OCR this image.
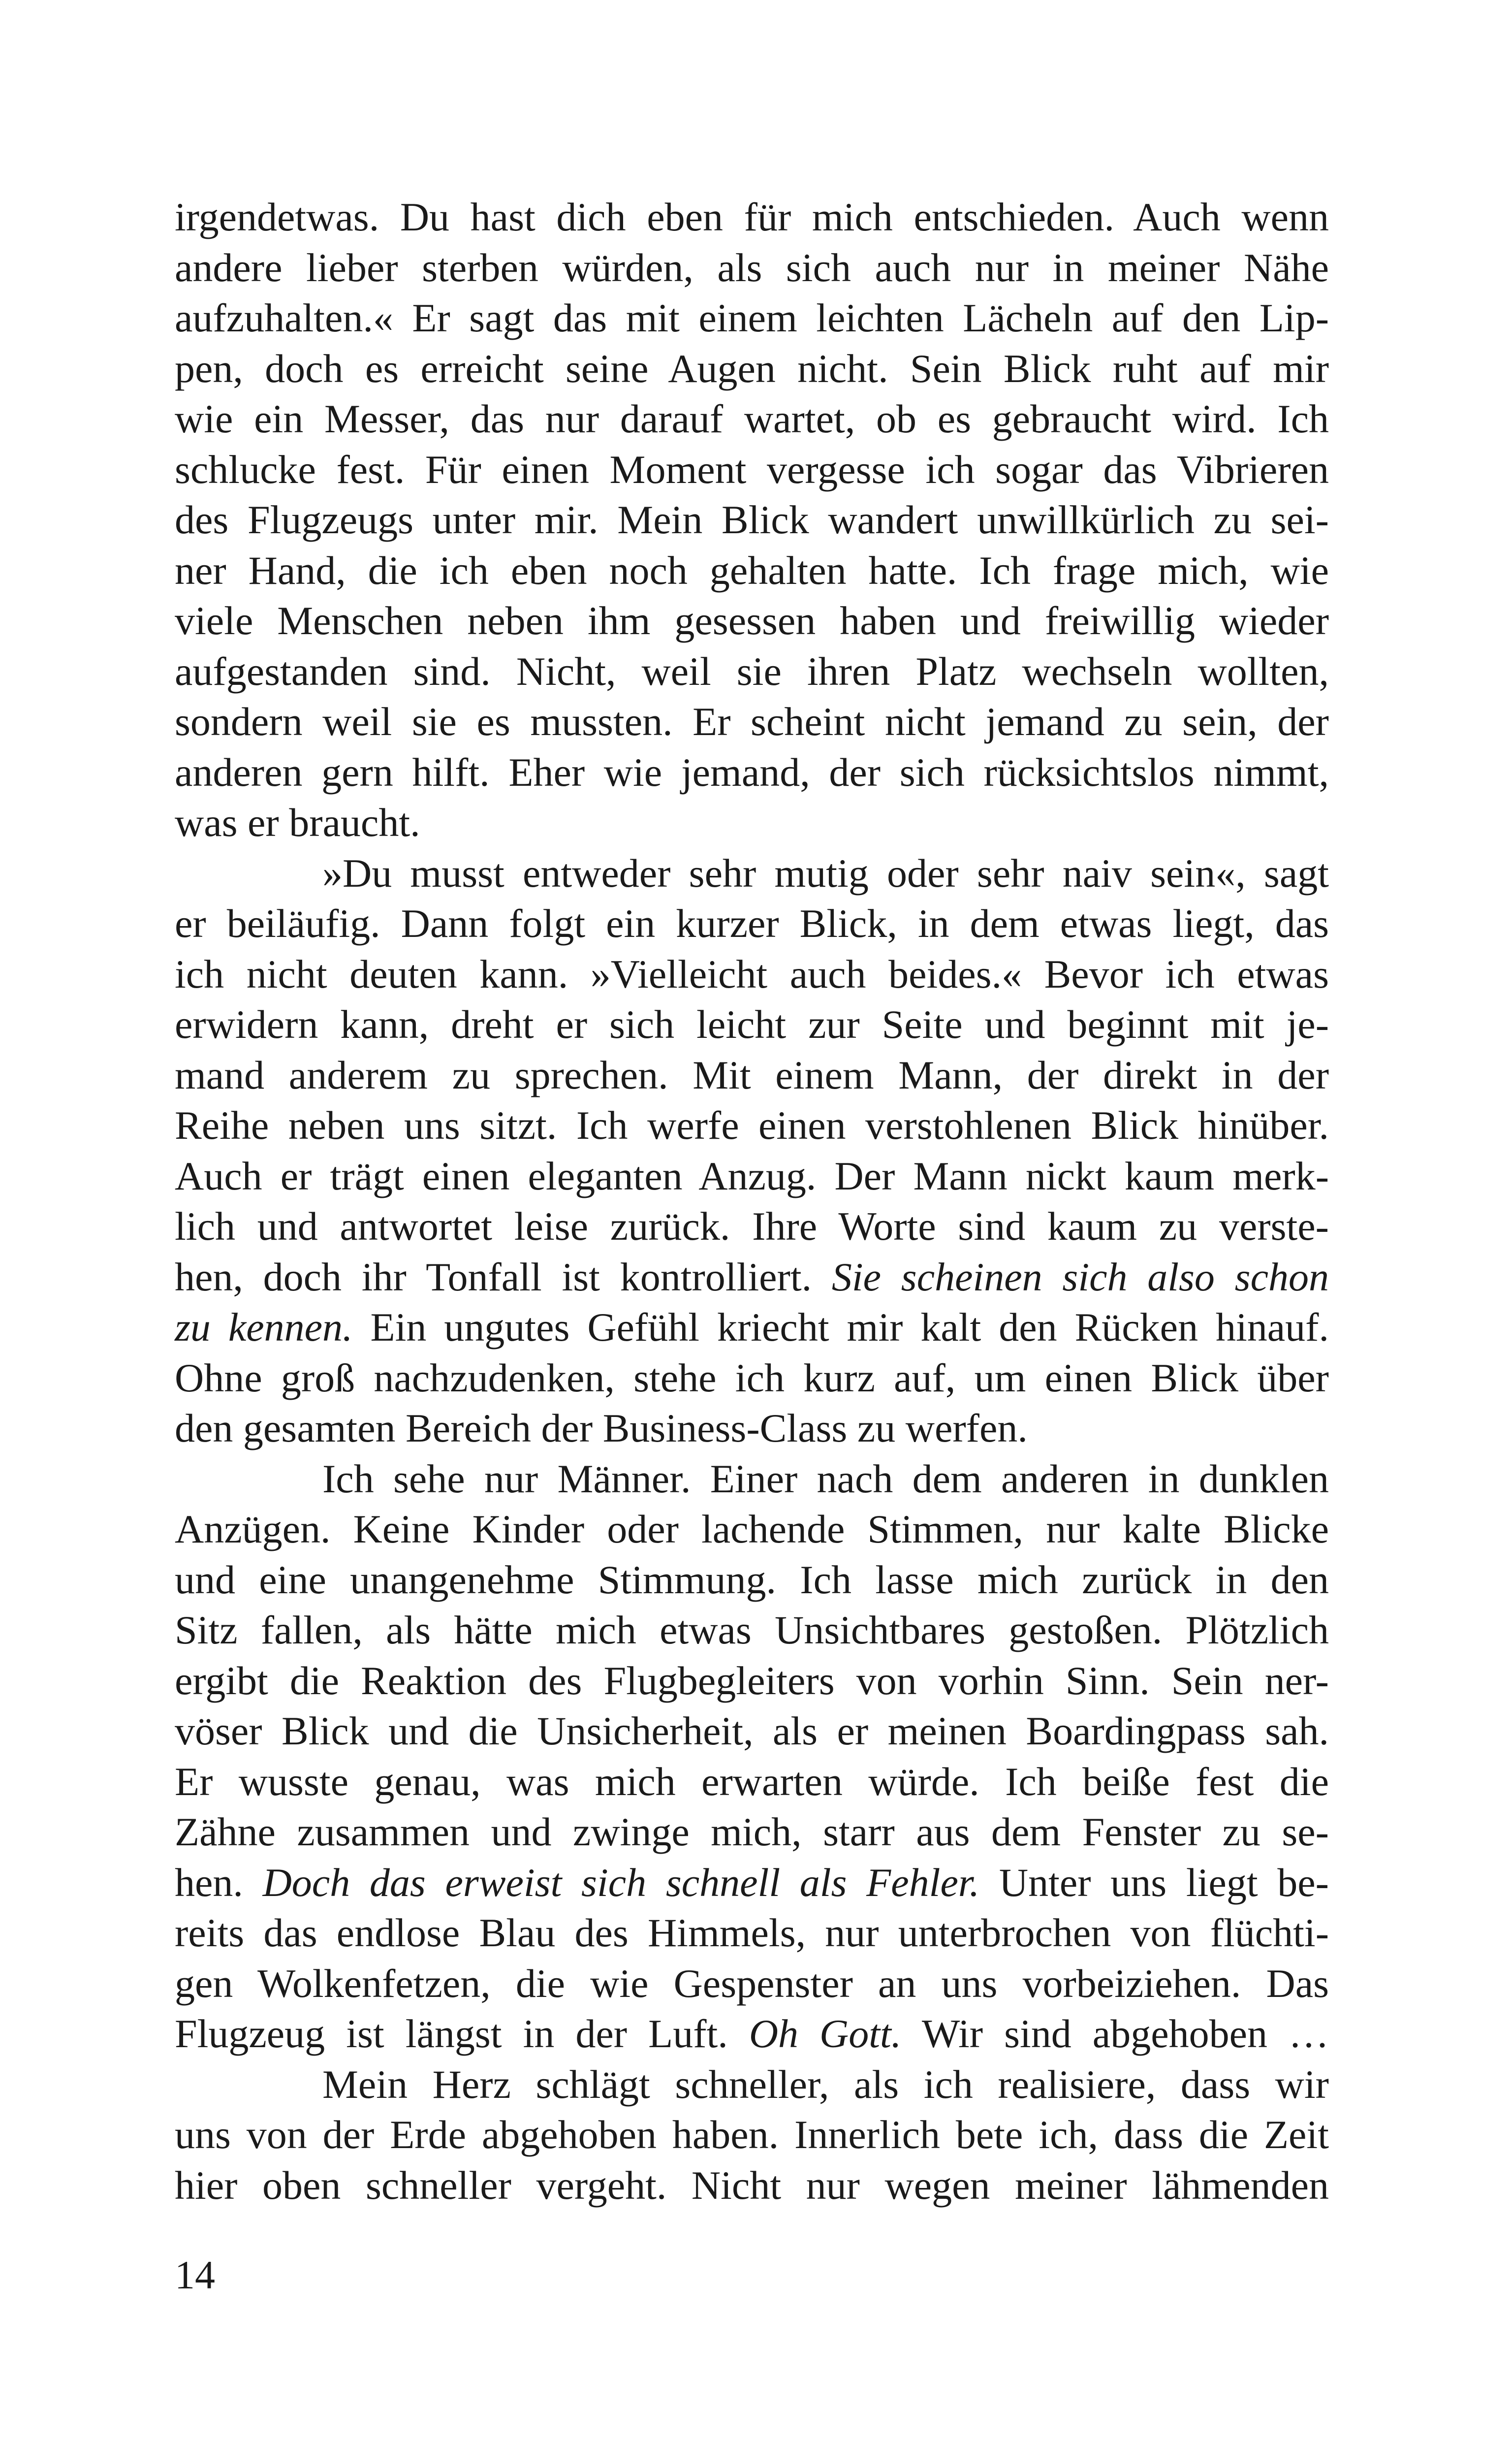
irgendetwas. Du hast dich eben für mich entschieden. Auch wenn
andere lieber sterben würden, als sich auch nur in meiner Nähe
aufzuhalten.« Er sagt das mit einem leichten Lächeln auf den Lip-
pen, doch es erreicht seine Augen nicht. Sein Blick ruht auf mir
wie ein Messer, das nur darauf wartet, ob es gebraucht wird. Ich
schlucke fest. Für einen Moment vergesse ich sogar das Vibrieren
des Flugzeugs unter mir. Mein Blick wandert unwillkürlich zu sei-
ner Hand, die ich eben noch gehalten hatte. Ich frage mich, wie
viele Menschen neben ihm gesessen haben und freiwillig wieder
aufgestanden sind. Nicht, weil sie ihren Platz wechseln wollten,
sondern weil sie es mussten. Er scheint nicht jemand zu sein, der
anderen gern hilft. Eher wie jemand, der sich rücksichtslos nimmt,
was er braucht.
»Du musst entweder sehr mutig oder sehr naiv sein«, sagt
er beiläufig. Dann folgt ein kurzer Blick, in dem etwas liegt, das
ich nicht deuten kann. »Vielleicht auch beides.« Bevor ich etwas
erwidern kann, dreht er sich leicht zur Seite und beginnt mit je-
mand anderem zu sprechen. Mit einem Mann, der direkt in der
Reihe neben uns sitzt. Ich werfe einen verstohlenen Blick hinüber.
Auch er trägt einen eleganten Anzug. Der Mann nickt kaum merk-
lich und antwortet leise zurück. Ihre Worte sind kaum zu verste-
hen, doch ihr Tonfall ist kontrolliert. Sie scheinen sich also schon
zu kennen. Ein ungutes Gefühl kriecht mir kalt den Rücken hinauf.
Ohne groß nachzudenken, stehe ich kurz auf, um einen Blick über
den gesamten Bereich der Business-Class zu werfen.
Ich sehe nur Männer. Einer nach dem anderen in dunklen
Anzügen. Keine Kinder oder lachende Stimmen, nur kalte Blicke
und eine unangenehme Stimmung. Ich lasse mich zurück in den
Sitz fallen, als hätte mich etwas Unsichtbares gestoßen. Plötzlich
ergibt die Reaktion des Flugbegleiters von vorhin Sinn. Sein ner-
vöser Blick und die Unsicherheit, als er meinen Boardingpass sah.
Er wusste genau, was mich erwarten würde. Ich beiße fest die
Zähne zusammen und zwinge mich, starr aus dem Fenster zu se-
hen. Doch das erweist sich schnell als Fehler. Unter uns liegt be-
reits das endlose Blau des Himmels, nur unterbrochen von flüchti-
gen Wolkenfetzen, die wie Gespenster an uns vorbeiziehen. Das
Flugzeug ist längst in der Luft. Oh Gott. Wir sind abgehoben …
Mein Herz schlägt schneller, als ich realisiere, dass wir
uns von der Erde abgehoben haben. Innerlich bete ich, dass die Zeit
hier oben schneller vergeht. Nicht nur wegen meiner lähmenden
14
